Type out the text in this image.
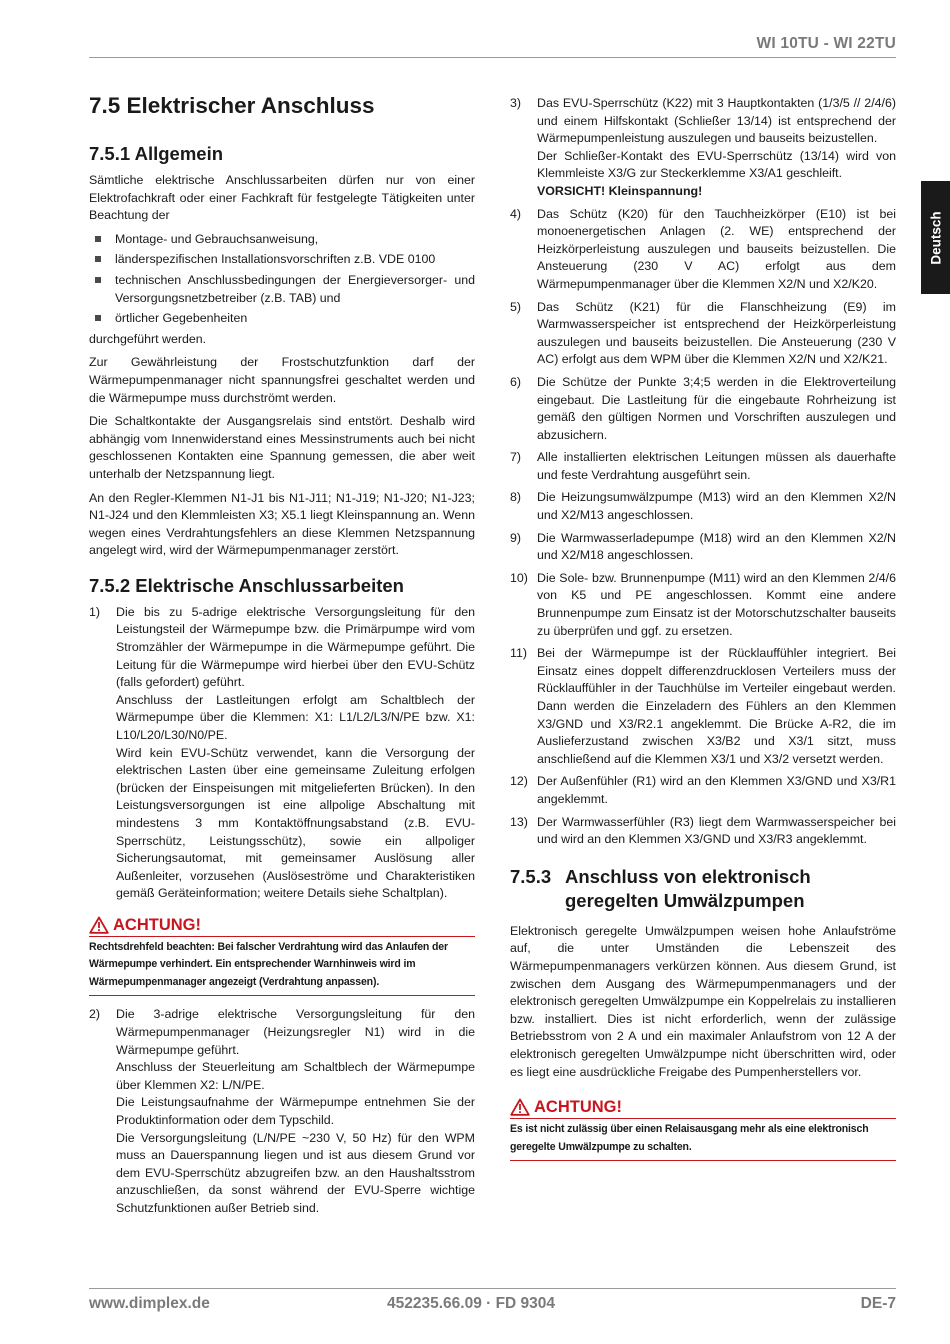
WI 10TU - WI 22TU
Deutsch
7.5 Elektrischer Anschluss
7.5.1 Allgemein

Sämtliche elektrische Anschlussarbeiten dürfen nur von einer Elektrofachkraft oder einer Fachkraft für festgelegte Tätigkeiten unter Beachtung der

Montage- und Gebrauchsanweisung,
länderspezifischen Installationsvorschriften z.B. VDE 0100
technischen Anschlussbedingungen der Energieversorger- und Versorgungsnetzbetreiber (z.B. TAB) und
örtlicher Gegebenheiten

durchgeführt werden.

Zur Gewährleistung der Frostschutzfunktion darf der Wärmepumpenmanager nicht spannungsfrei geschaltet werden und die Wärmepumpe muss durchströmt werden.

Die Schaltkontakte der Ausgangsrelais sind entstört. Deshalb wird abhängig vom Innenwiderstand eines Messinstruments auch bei nicht geschlossenen Kontakten eine Spannung gemessen, die aber weit unterhalb der Netzspannung liegt.

An den Regler-Klemmen N1-J1 bis N1-J11; N1-J19; N1-J20; N1-J23; N1-J24 und den Klemmleisten X3; X5.1 liegt Kleinspannung an. Wenn wegen eines Verdrahtungsfehlers an diese Klemmen Netzspannung angelegt wird, wird der Wärmepumpenmanager zerstört.

7.5.2 Elektrische Anschlussarbeiten
1) Die bis zu 5-adrige elektrische Versorgungsleitung für den Leistungsteil der Wärmepumpe bzw. die Primärpumpe wird vom Stromzähler der Wärmepumpe in die Wärmepumpe geführt. Die Leitung für die Wärmepumpe wird hierbei über den EVU-Schütz (falls gefordert) geführt.
Anschluss der Lastleitungen erfolgt am Schaltblech der Wärmepumpe über die Klemmen: X1: L1/L2/L3/N/PE bzw. X1: L10/L20/L30/N0/PE.
Wird kein EVU-Schütz verwendet, kann die Versorgung der elektrischen Lasten über eine gemeinsame Zuleitung erfolgen (brücken der Einspeisungen mit mitgelieferten Brücken). In den Leistungsversorgungen ist eine allpolige Abschaltung mit mindestens 3 mm Kontaktöffnungsabstand (z.B. EVU-Sperrschütz, Leistungsschütz), sowie ein allpoliger Sicherungsautomat, mit gemeinsamer Auslösung aller Außenleiter, vorzusehen (Auslöseströme und Charakteristiken gemäß Geräteinformation; weitere Details siehe Schaltplan).
ACHTUNG!
Rechtsdrehfeld beachten: Bei falscher Verdrahtung wird das Anlaufen der Wärmepumpe verhindert. Ein entsprechender Warnhinweis wird im Wärmepumpenmanager angezeigt (Verdrahtung anpassen).
2) Die 3-adrige elektrische Versorgungsleitung für den Wärmepumpenmanager (Heizungsregler N1) wird in die Wärmepumpe geführt.
Anschluss der Steuerleitung am Schaltblech der Wärmepumpe über Klemmen X2: L/N/PE.
Die Leistungsaufnahme der Wärmepumpe entnehmen Sie der Produktinformation oder dem Typschild.
Die Versorgungsleitung (L/N/PE ~230 V, 50 Hz) für den WPM muss an Dauerspannung liegen und ist aus diesem Grund vor dem EVU-Sperrschütz abzugreifen bzw. an den Haushaltsstrom anzuschließen, da sonst während der EVU-Sperre wichtige Schutzfunktionen außer Betrieb sind.
3) Das EVU-Sperrschütz (K22) mit 3 Hauptkontakten (1/3/5 // 2/4/6) und einem Hilfskontakt (Schließer 13/14) ist entsprechend der Wärmepumpenleistung auszulegen und bauseits beizustellen.
Der Schließer-Kontakt des EVU-Sperrschütz (13/14) wird von Klemmleiste X3/G zur Steckerklemme X3/A1 geschleift.
VORSICHT! Kleinspannung!
4) Das Schütz (K20) für den Tauchheizkörper (E10) ist bei monoenergetischen Anlagen (2. WE) entsprechend der Heizkörperleistung auszulegen und bauseits beizustellen. Die Ansteuerung (230 V AC) erfolgt aus dem Wärmepumpenmanager über die Klemmen X2/N und X2/K20.
5) Das Schütz (K21) für die Flanschheizung (E9) im Warmwasserspeicher ist entsprechend der Heizkörperleistung auszulegen und bauseits beizustellen. Die Ansteuerung (230 V AC) erfolgt aus dem WPM über die Klemmen X2/N und X2/K21.
6) Die Schütze der Punkte 3;4;5 werden in die Elektroverteilung eingebaut. Die Lastleitung für die eingebaute Rohrheizung ist gemäß den gültigen Normen und Vorschriften auszulegen und abzusichern.
7) Alle installierten elektrischen Leitungen müssen als dauerhafte und feste Verdrahtung ausgeführt sein.
8) Die Heizungsumwälzpumpe (M13) wird an den Klemmen X2/N und X2/M13 angeschlossen.
9) Die Warmwasserladepumpe (M18) wird an den Klemmen X2/N und X2/M18 angeschlossen.
10) Die Sole- bzw. Brunnenpumpe (M11) wird an den Klemmen 2/4/6 von K5 und PE angeschlossen. Kommt eine andere Brunnenpumpe zum Einsatz ist der Motorschutzschalter bauseits zu überprüfen und ggf. zu ersetzen.
11) Bei der Wärmepumpe ist der Rücklauffühler integriert. Bei Einsatz eines doppelt differenzdrucklosen Verteilers muss der Rücklauffühler in der Tauchhülse im Verteiler eingebaut werden. Dann werden die Einzeladern des Fühlers an den Klemmen X3/GND und X3/R2.1 angeklemmt. Die Brücke A-R2, die im Auslieferzustand zwischen X3/B2 und X3/1 sitzt, muss anschließend auf die Klemmen X3/1 und X3/2 versetzt werden.
12) Der Außenfühler (R1) wird an den Klemmen X3/GND und X3/R1 angeklemmt.
13) Der Warmwasserfühler (R3) liegt dem Warmwasserspeicher bei und wird an den Klemmen X3/GND und X3/R3 angeklemmt.
7.5.3 Anschluss von elektronisch geregelten Umwälzpumpen

Elektronisch geregelte Umwälzpumpen weisen hohe Anlaufströme auf, die unter Umständen die Lebenszeit des Wärmepumpenmanagers verkürzen können. Aus diesem Grund, ist zwischen dem Ausgang des Wärmepumpenmanagers und der elektronisch geregelten Umwälzpumpe ein Koppelrelais zu installieren bzw. installiert. Dies ist nicht erforderlich, wenn der zulässige Betriebsstrom von 2 A und ein maximaler Anlaufstrom von 12 A der elektronisch geregelten Umwälzpumpe nicht überschritten wird, oder es liegt eine ausdrückliche Freigabe des Pumpenherstellers vor.

ACHTUNG!
Es ist nicht zulässig über einen Relaisausgang mehr als eine elektronisch geregelte Umwälzpumpe zu schalten.
www.dimplex.de	452235.66.09 · FD 9304	DE-7
